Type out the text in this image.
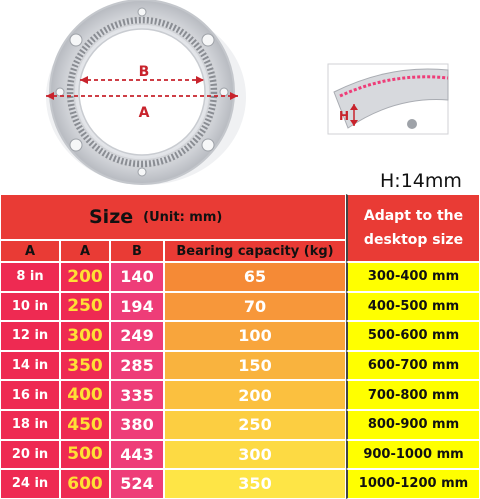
B
A	H
H:14mm
Size (Unit: mm)	Adapt to the
desktop size
A	A	B	Bearing capacity (kg)
8 in	200	140	65	300-400 mm
10 in	250	194	70	400-500 mm
12 in	300	249	100	500-600 mm
14 in	350	285	150	600-700 mm
16 in	400	335	200	700-800 mm
18 in	450	380	250	800-900 mm
20 in	500	443	300	900-1000 mm
24 in	600	524	350	1000-1200 mm
